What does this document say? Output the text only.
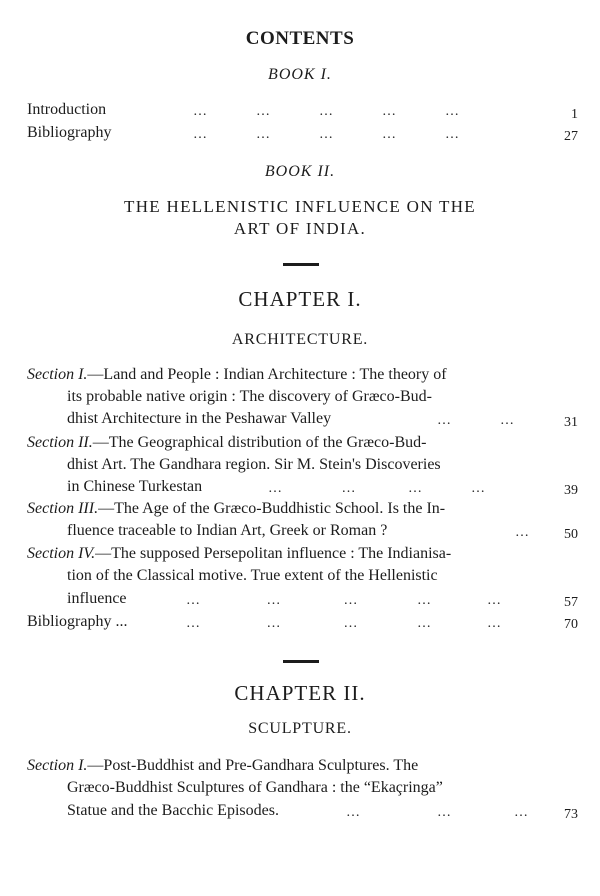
CONTENTS
BOOK I.
Introduction	…              …              …              …              …	1
Bibliography	…              …              …              …              …	27
BOOK II.
THE HELLENISTIC INFLUENCE ON THE
ART OF INDIA.
CHAPTER I.
ARCHITECTURE.
Section I.—Land and People : Indian Architecture : The theory of
its probable native origin : The discovery of Græco-Bud-
dhist Architecture in the Peshawar Valley	…              …	31
Section II.—The Geographical distribution of the Græco-Bud-
dhist Art. The Gandhara region. Sir M. Stein's Discoveries
in Chinese Turkestan	…                 …               …              …	39
Section III.—The Age of the Græco-Buddhistic School. Is the In-
fluence traceable to Indian Art, Greek or Roman ?	…	50
Section IV.—The supposed Persepolitan influence : The Indianisa-
tion of the Classical motive. True extent of the Hellenistic
influence	…                   …                  …                 …                …	57
Bibliography ...	…                   …                  …                 …                …	70
CHAPTER II.
SCULPTURE.
Section I.—Post-Buddhist and Pre-Gandhara Sculptures. The
Græco-Buddhist Sculptures of Gandhara : the “Ekaçringa”
Statue and the Bacchic Episodes.	…                      …                  …	73
